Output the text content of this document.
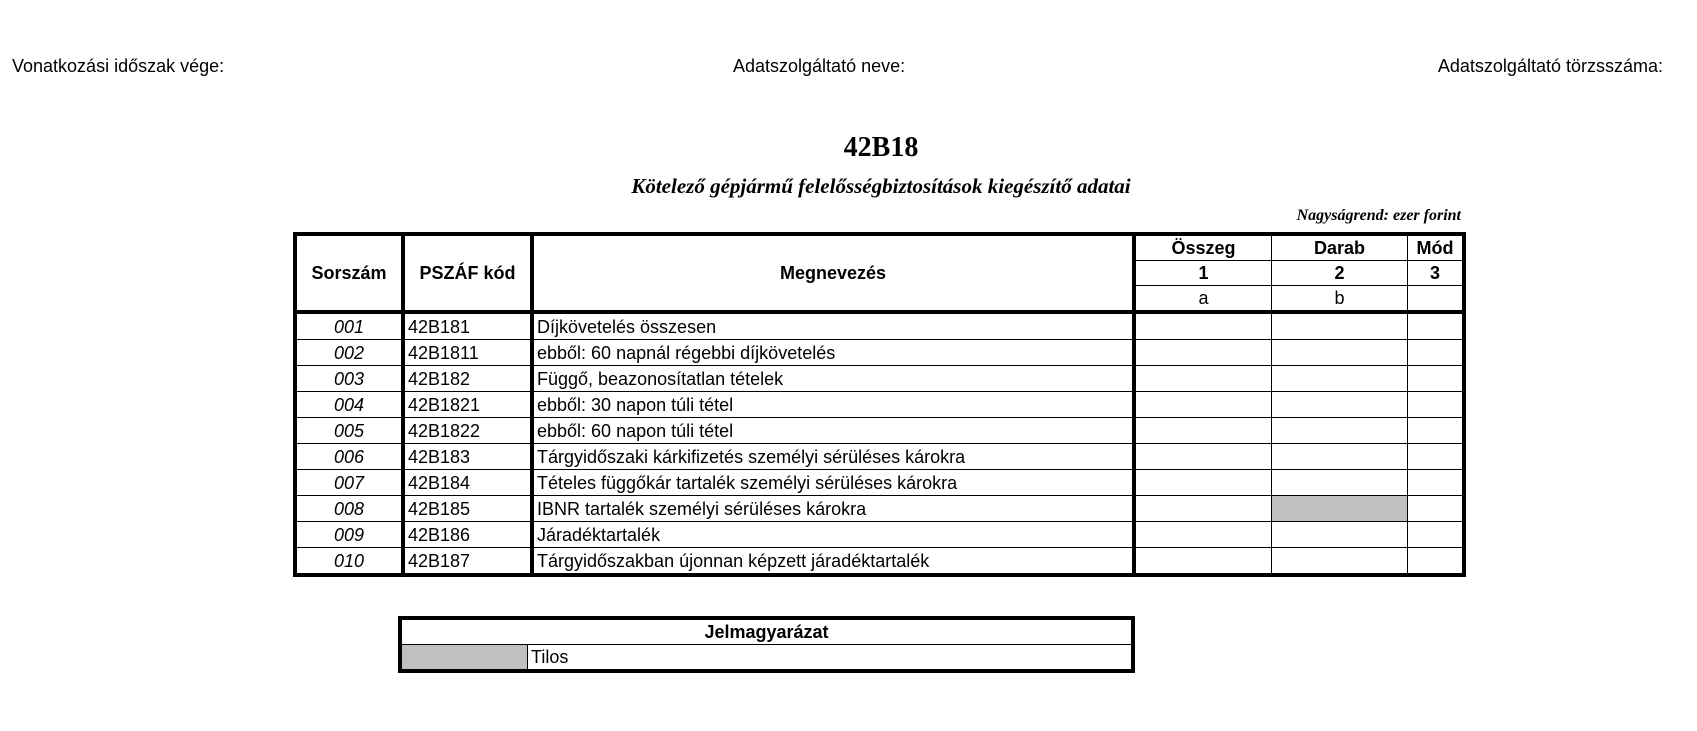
Vonatkozási időszak vége:	Adatszolgáltató neve:	Adatszolgáltató törzsszáma:
42B18
Kötelező gépjármű felelősségbiztosítások kiegészítő adatai
Nagyságrend: ezer forint
Sorszám	PSZÁF kód	Megnevezés	Összeg	Darab	Mód
			1	2	3
			a	b	
001	42B181	Díjkövetelés összesen			
002	42B1811	ebből: 60 napnál régebbi díjkövetelés			
003	42B182	Függő, beazonosítatlan tételek			
004	42B1821	ebből: 30 napon túli tétel			
005	42B1822	ebből: 60 napon túli tétel			
006	42B183	Tárgyidőszaki kárkifizetés személyi sérüléses károkra			
007	42B184	Tételes függőkár tartalék személyi sérüléses károkra			
008	42B185	IBNR tartalék személyi sérüléses károkra			
009	42B186	Járadéktartalék			
010	42B187	Tárgyidőszakban újonnan képzett járadéktartalék			
Jelmagyarázat
	Tilos
